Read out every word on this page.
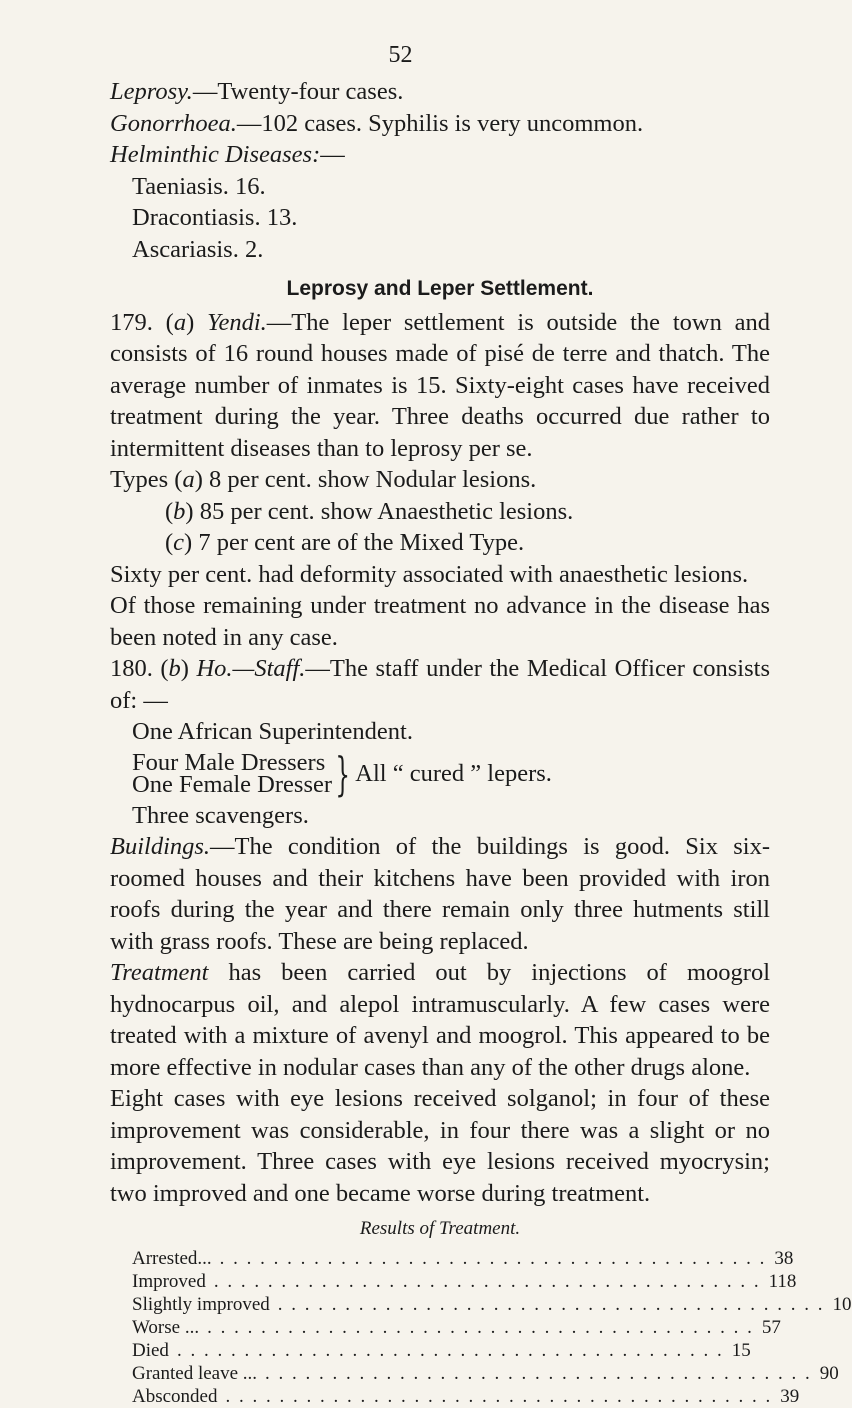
52

Leprosy.—Twenty-four cases.

Gonorrhoea.—102 cases. Syphilis is very uncommon.

Helminthic Diseases:—

Taeniasis. 16.

Dracontiasis. 13.

Ascariasis. 2.

Leprosy and Leper Settlement.

179. (a) Yendi.—The leper settlement is outside the town and consists of 16 round houses made of pisé de terre and thatch. The average number of inmates is 15. Sixty-eight cases have received treatment during the year. Three deaths occurred due rather to intermittent diseases than to leprosy per se.

Types (a) 8 per cent. show Nodular lesions.

(b) 85 per cent. show Anaesthetic lesions.

(c) 7 per cent are of the Mixed Type.

Sixty per cent. had deformity associated with anaesthetic lesions.

Of those remaining under treatment no advance in the disease has been noted in any case.

180. (b) Ho.—Staff.—The staff under the Medical Officer consists of: —

One African Superintendent.

Four Male Dressers
One Female Dresser } All “ cured ” lepers.

Three scavengers.

Buildings.—The condition of the buildings is good. Six six-roomed houses and their kitchens have been provided with iron roofs during the year and there remain only three hutments still with grass roofs. These are being replaced.

Treatment has been carried out by injections of moogrol hydnocarpus oil, and alepol intramuscularly. A few cases were treated with a mixture of avenyl and moogrol. This appeared to be more effective in nodular cases than any of the other drugs alone.

Eight cases with eye lesions received solganol; in four of these improvement was considerable, in four there was a slight or no improvement. Three cases with eye lesions received myocrysin; two improved and one became worse during treatment.

Results of Treatment.
Arrested... . . . . . . . . . . . . . . . . . . . . . . . . . . . . . . . . . . . . . . . . . 38
Improved . . . . . . . . . . . . . . . . . . . . . . . . . . . . . . . . . . . . . . . . . 118
Slightly improved . . . . . . . . . . . . . . . . . . . . . . . . . . . . . . . . . . . . . . . . . 10
Worse ... . . . . . . . . . . . . . . . . . . . . . . . . . . . . . . . . . . . . . . . . . 57
Died . . . . . . . . . . . . . . . . . . . . . . . . . . . . . . . . . . . . . . . . . 15
Granted leave ... . . . . . . . . . . . . . . . . . . . . . . . . . . . . . . . . . . . . . . . . . 90
Absconded . . . . . . . . . . . . . . . . . . . . . . . . . . . . . . . . . . . . . . . . . 39
